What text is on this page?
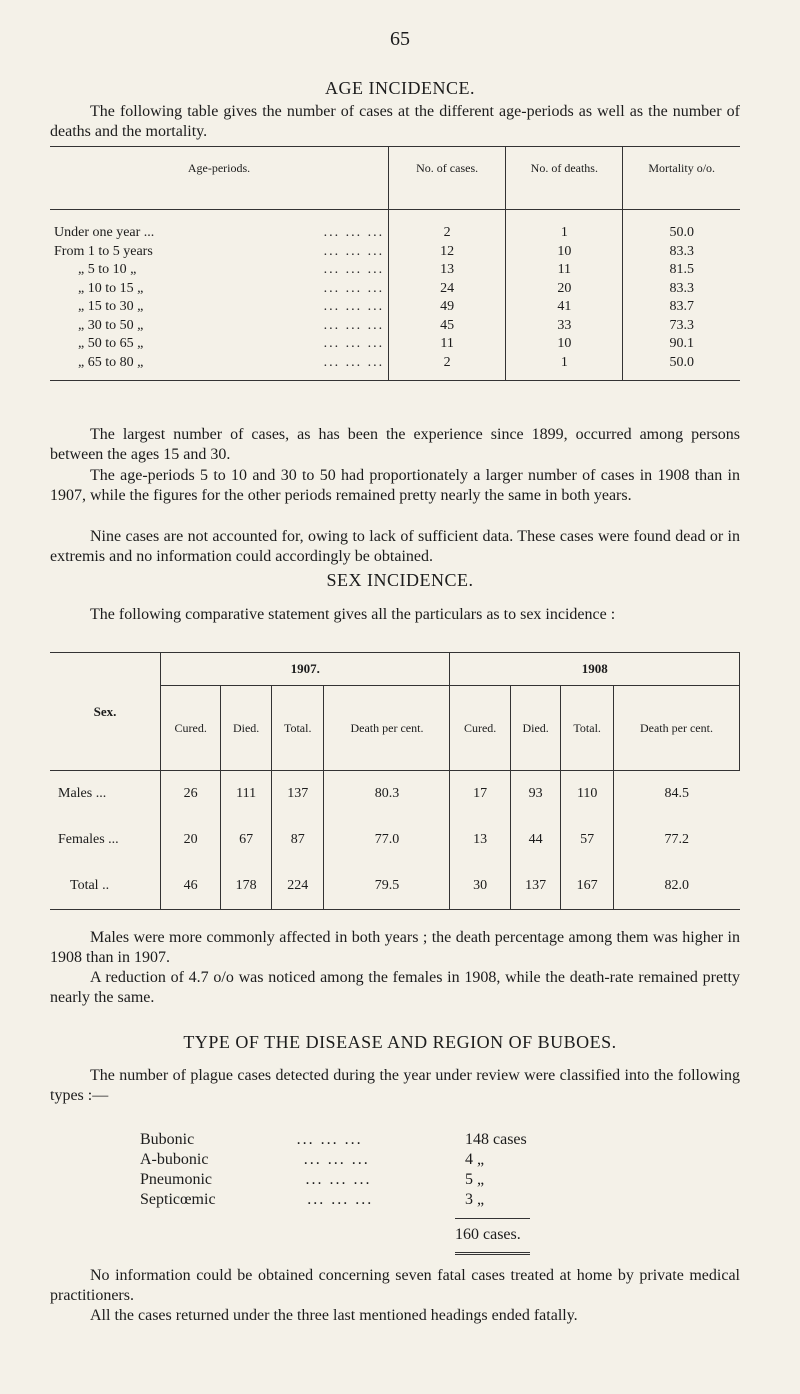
65
AGE INCIDENCE.
The following table gives the number of cases at the different age-periods as well as the number of deaths and the mortality.
Age-periods.	No. of cases.	No. of deaths.	Mortality o/o.

Under one year ... ... ... ...	2	1	50.0

From 1 to 5 years ... ... ...	12	10	83.3

„ 5 to 10 „ ... ... ...	13	11	81.5

„ 10 to 15 „ ... ... ...	24	20	83.3

„ 15 to 30 „ ... ... ...	49	41	83.7

„ 30 to 50 „ ... ... ...	45	33	73.3

„ 50 to 65 „ ... ... ...	11	10	90.1

„ 65 to 80 „ ... ... ...	2	1	50.0
The largest number of cases, as has been the experience since 1899, occurred among persons between the ages 15 and 30.
The age-periods 5 to 10 and 30 to 50 had proportionately a larger number of cases in 1908 than in 1907, while the figures for the other periods remained pretty nearly the same in both years.
Nine cases are not accounted for, owing to lack of sufficient data. These cases were found dead or in extremis and no information could accordingly be obtained.
SEX INCIDENCE.
The following comparative statement gives all the particulars as to sex incidence :
Sex.	1907.				1908			
	Cured.	Died.	Total.	Death per cent.	Cured.	Died.	Total.	Death per cent.
Males ...	26	111	137	80.3	17	93	110	84.5
Females ...	20	67	87	77.0	13	44	57	77.2
Total ..	46	178	224	79.5	30	137	167	82.0
Males were more commonly affected in both years ; the death percentage among them was higher in 1908 than in 1907.
A reduction of 4.7 o/o was noticed among the females in 1908, while the death-rate remained pretty nearly the same.
TYPE OF THE DISEASE AND REGION OF BUBOES.
The number of plague cases detected during the year under review were classified into the following types :—
Bubonic	... ... ...	148 cases
A-bubonic	... ... ...	4 „
Pneumonic	... ... ...	5 „
Septicœmic	... ... ...	3 „
160 cases.
No information could be obtained concerning seven fatal cases treated at home by private medical practitioners.
All the cases returned under the three last mentioned headings ended fatally.
